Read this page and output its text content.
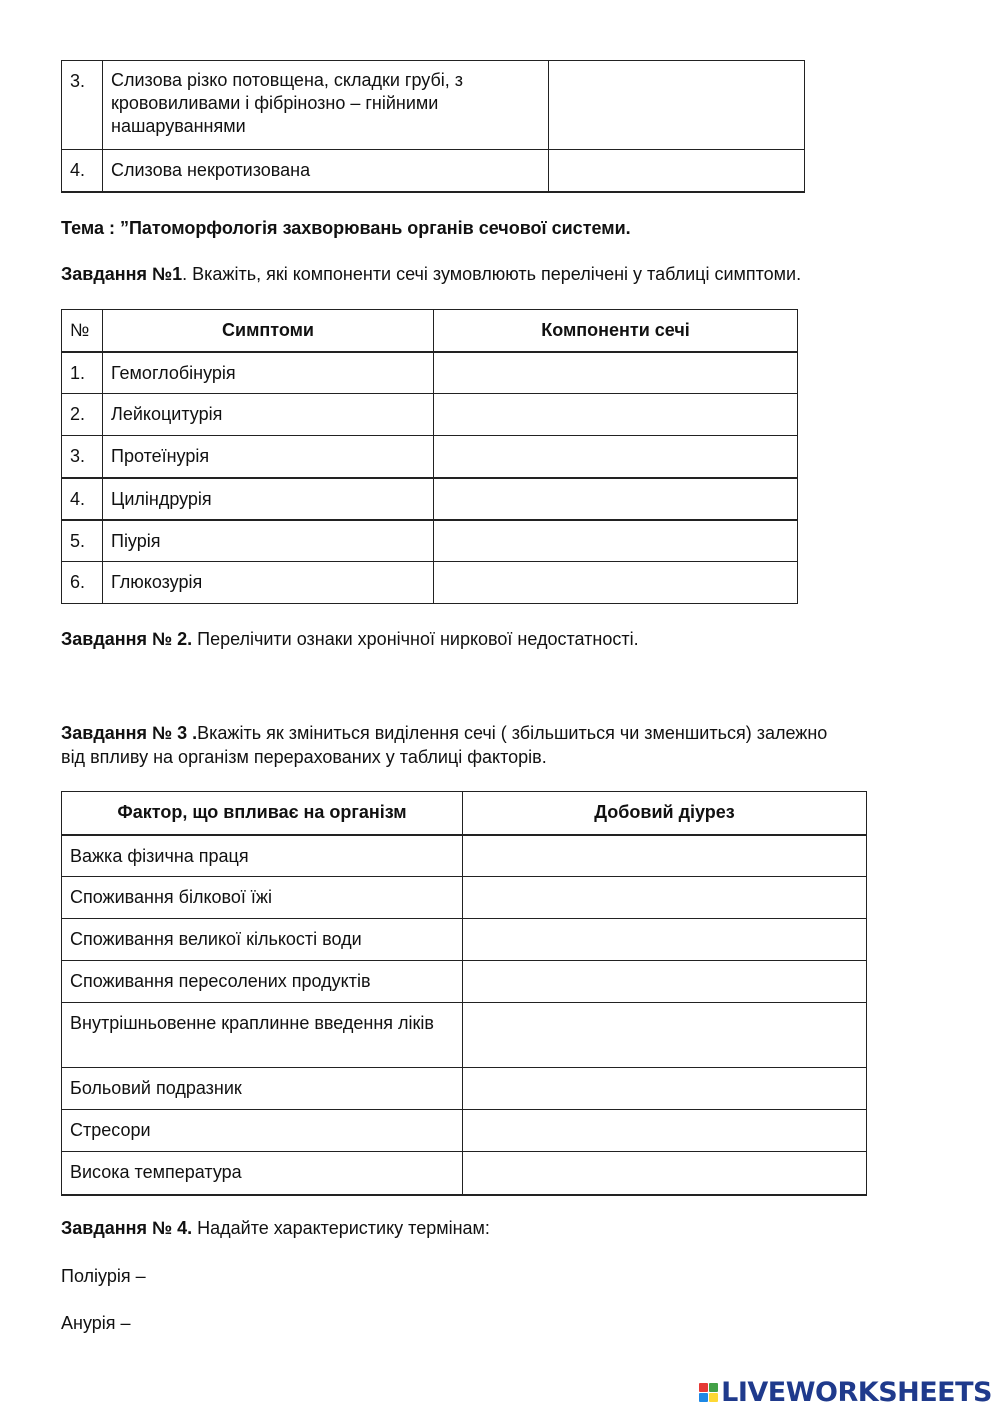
3.	Слизова різко потовщена, складки грубі, з крововиливами і фібрінозно – гнійними нашаруваннями	
4.	Слизова некротизована	

Тема : ”Патоморфологія захворювань органів сечової системи.

Завдання №1. Вкажіть, які компоненти сечі зумовлюють перелічені у таблиці симптоми.

№	Симптоми	Компоненти сечі
1.	Гемоглобінурія	
2.	Лейкоцитурія	
3.	Протеїнурія	
4.	Циліндрурія	
5.	Піурія	
6.	Глюкозурія	

Завдання № 2. Перелічити ознаки хронічної ниркової недостатності.

Завдання № 3 .Вкажіть як зміниться виділення сечі ( збільшиться чи зменшиться) залежно

від впливу на організм перерахованих у таблиці факторів.

Фактор, що впливає на організм	Добовий діурез
Важка фізична праця	
Споживання білкової їжі	
Споживання великої кількості води	
Споживання пересолених продуктів	
Внутрішньовенне краплинне введення ліків	
Больовий подразник	
Стресори	
Висока температура	

Завдання № 4. Надайте характеристику термінам:

Поліурія –

Анурія –

LIVEWORKSHEETS
